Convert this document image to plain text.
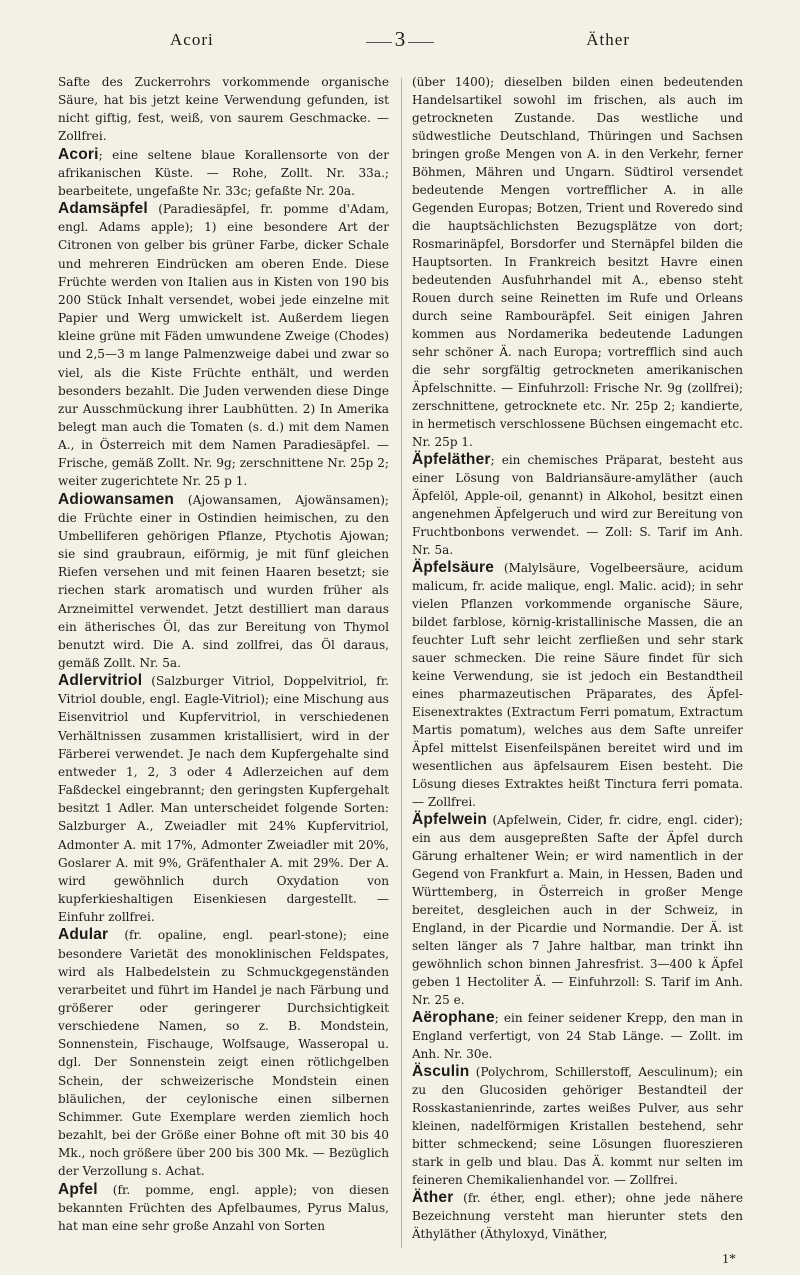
Acori	3	Äther

Safte des Zuckerrohrs vorkommende organische Säure, hat bis jetzt keine Verwendung gefunden, ist nicht giftig, fest, weiß, von saurem Geschmacke. — Zollfrei.

Acori; eine seltene blaue Korallensorte von der afrikanischen Küste. — Rohe, Zollt. Nr. 33a.; bearbeitete, ungefaßte Nr. 33c; gefaßte Nr. 20a.

Adamsäpfel (Paradiesäpfel, fr. pomme d'Adam, engl. Adams apple); 1) eine besondere Art der Citronen von gelber bis grüner Farbe, dicker Schale und mehreren Eindrücken am oberen Ende. Diese Früchte werden von Italien aus in Kisten von 190 bis 200 Stück Inhalt versendet, wobei jede einzelne mit Papier und Werg umwickelt ist. Außerdem liegen kleine grüne mit Fäden umwundene Zweige (Chodes) und 2,5—3 m lange Palmenzweige dabei und zwar so viel, als die Kiste Früchte enthält, und werden besonders bezahlt. Die Juden verwenden diese Dinge zur Ausschmückung ihrer Laubhütten. 2) In Amerika belegt man auch die Tomaten (s. d.) mit dem Namen A., in Österreich mit dem Namen Paradiesäpfel. — Frische, gemäß Zollt. Nr. 9g; zerschnittene Nr. 25p 2; weiter zugerichtete Nr. 25 p 1.

Adiowansamen (Ajowansamen, Ajowänsamen); die Früchte einer in Ostindien heimischen, zu den Umbelliferen gehörigen Pflanze, Ptychotis Ajowan; sie sind graubraun, eiförmig, je mit fünf gleichen Riefen versehen und mit feinen Haaren besetzt; sie riechen stark aromatisch und wurden früher als Arzneimittel verwendet. Jetzt destilliert man daraus ein ätherisches Öl, das zur Bereitung von Thymol benutzt wird. Die A. sind zollfrei, das Öl daraus, gemäß Zollt. Nr. 5a.

Adlervitriol (Salzburger Vitriol, Doppelvitriol, fr. Vitriol double, engl. Eagle-Vitriol); eine Mischung aus Eisenvitriol und Kupfervitriol, in verschiedenen Verhältnissen zusammen kristallisiert, wird in der Färberei verwendet. Je nach dem Kupfergehalte sind entweder 1, 2, 3 oder 4 Adlerzeichen auf dem Faßdeckel eingebrannt; den geringsten Kupfergehalt besitzt 1 Adler. Man unterscheidet folgende Sorten: Salzburger A., Zweiadler mit 24% Kupfervitriol, Admonter A. mit 17%, Admonter Zweiadler mit 20%, Goslarer A. mit 9%, Gräfenthaler A. mit 29%. Der A. wird gewöhnlich durch Oxydation von kupferkieshaltigen Eisenkiesen dargestellt. — Einfuhr zollfrei.

Adular (fr. opaline, engl. pearl-stone); eine besondere Varietät des monoklinischen Feldspates, wird als Halbedelstein zu Schmuckgegenständen verarbeitet und führt im Handel je nach Färbung und größerer oder geringerer Durchsichtigkeit verschiedene Namen, so z. B. Mondstein, Sonnenstein, Fischauge, Wolfsauge, Wasseropal u. dgl. Der Sonnenstein zeigt einen rötlichgelben Schein, der schweizerische Mondstein einen bläulichen, der ceylonische einen silbernen Schimmer. Gute Exemplare werden ziemlich hoch bezahlt, bei der Größe einer Bohne oft mit 30 bis 40 Mk., noch größere über 200 bis 300 Mk. — Bezüglich der Verzollung s. Achat.

Apfel (fr. pomme, engl. apple); von diesen bekannten Früchten des Apfelbaumes, Pyrus Malus, hat man eine sehr große Anzahl von Sorten

(über 1400); dieselben bilden einen bedeutenden Handelsartikel sowohl im frischen, als auch im getrockneten Zustande. Das westliche und südwestliche Deutschland, Thüringen und Sachsen bringen große Mengen von A. in den Verkehr, ferner Böhmen, Mähren und Ungarn. Südtirol versendet bedeutende Mengen vortrefflicher A. in alle Gegenden Europas; Botzen, Trient und Roveredo sind die hauptsächlichsten Bezugsplätze von dort; Rosmarinäpfel, Borsdorfer und Sternäpfel bilden die Hauptsorten. In Frankreich besitzt Havre einen bedeutenden Ausfuhrhandel mit A., ebenso steht Rouen durch seine Reinetten im Rufe und Orleans durch seine Rambouräpfel. Seit einigen Jahren kommen aus Nordamerika bedeutende Ladungen sehr schöner Ä. nach Europa; vortrefflich sind auch die sehr sorgfältig getrockneten amerikanischen Äpfelschnitte. — Einfuhrzoll: Frische Nr. 9g (zollfrei); zerschnittene, getrocknete etc. Nr. 25p 2; kandierte, in hermetisch verschlossene Büchsen eingemacht etc. Nr. 25p 1.

Äpfeläther; ein chemisches Präparat, besteht aus einer Lösung von Baldriansäure-amyläther (auch Äpfelöl, Apple-oil, genannt) in Alkohol, besitzt einen angenehmen Äpfelgeruch und wird zur Bereitung von Fruchtbonbons verwendet. — Zoll: S. Tarif im Anh. Nr. 5a.

Äpfelsäure (Malylsäure, Vogelbeersäure, acidum malicum, fr. acide malique, engl. Malic. acid); in sehr vielen Pflanzen vorkommende organische Säure, bildet farblose, körnig-kristallinische Massen, die an feuchter Luft sehr leicht zerfließen und sehr stark sauer schmecken. Die reine Säure findet für sich keine Verwendung, sie ist jedoch ein Bestandtheil eines pharmazeutischen Präparates, des Äpfel-Eisenextraktes (Extractum Ferri pomatum, Extractum Martis pomatum), welches aus dem Safte unreifer Äpfel mittelst Eisenfeilspänen bereitet wird und im wesentlichen aus äpfelsaurem Eisen besteht. Die Lösung dieses Extraktes heißt Tinctura ferri pomata. — Zollfrei.

Äpfelwein (Apfelwein, Cider, fr. cidre, engl. cider); ein aus dem ausgepreßten Safte der Äpfel durch Gärung erhaltener Wein; er wird namentlich in der Gegend von Frankfurt a. Main, in Hessen, Baden und Württemberg, in Österreich in großer Menge bereitet, desgleichen auch in der Schweiz, in England, in der Picardie und Normandie. Der Ä. ist selten länger als 7 Jahre haltbar, man trinkt ihn gewöhnlich schon binnen Jahresfrist. 3—400 k Äpfel geben 1 Hectoliter Ä. — Einfuhrzoll: S. Tarif im Anh. Nr. 25 e.

Aërophane; ein feiner seidener Krepp, den man in England verfertigt, von 24 Stab Länge. — Zollt. im Anh. Nr. 30e.

Äsculin (Polychrom, Schillerstoff, Aesculinum); ein zu den Glucosiden gehöriger Bestandteil der Rosskastanienrinde, zartes weißes Pulver, aus sehr kleinen, nadelförmigen Kristallen bestehend, sehr bitter schmeckend; seine Lösungen fluoreszieren stark in gelb und blau. Das Ä. kommt nur selten im feineren Chemikalienhandel vor. — Zollfrei.

Äther (fr. éther, engl. ether); ohne jede nähere Bezeichnung versteht man hierunter stets den Äthyläther (Äthyloxyd, Vinäther,

1*
